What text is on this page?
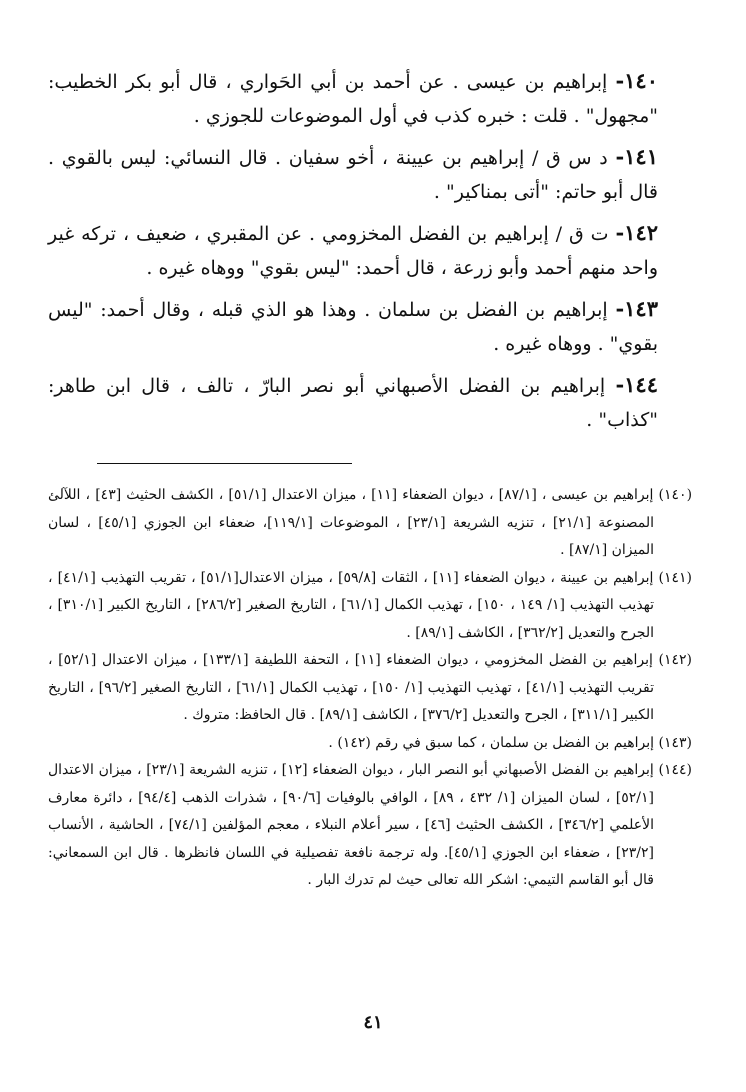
١٤٠- إبراهيم بن عيسى . عن أحمد بن أبي الحَواري ، قال أبو بكر الخطيب: "مجهول" . قلت : خبره كذب في أول الموضوعات للجوزي .

١٤١- د س ق / إبراهيم بن عيينة ، أخو سفيان . قال النسائي: ليس بالقوي . قال أبو حاتم: "أتى بمناكير" .

١٤٢- ت ق / إبراهيم بن الفضل المخزومي . عن المقبري ، ضعيف ، تركه غير واحد منهم أحمد وأبو زرعة ، قال أحمد: "ليس بقوي" ووهاه غيره .

١٤٣- إبراهيم بن الفضل بن سلمان . وهذا هو الذي قبله ، وقال أحمد: "ليس بقوي" . ووهاه غيره .

١٤٤- إبراهيم بن الفضل الأصبهاني أبو نصر البارّ ، تالف ، قال ابن طاهر: "كذاب" .

(١٤٠) إبراهيم بن عيسى ، [٨٧/١] ، ديوان الضعفاء [١١] ، ميزان الاعتدال [٥١/١] ، الكشف الحثيث [٤٣] ، اللآلئ المصنوعة [٢١/١] ، تنزيه الشريعة [٢٣/١] ، الموضوعات [١١٩/١]، ضعفاء ابن الجوزي [٤٥/١] ، لسان الميزان [٨٧/١] .

(١٤١) إبراهيم بن عيينة ، ديوان الضعفاء [١١] ، الثقات [٥٩/٨] ، ميزان الاعتدال[٥١/١] ، تقريب التهذيب [٤١/١] ، تهذيب التهذيب [١/ ١٤٩ ، ١٥٠] ، تهذيب الكمال [٦١/١] ، التاريخ الصغير [٢٨٦/٢] ، التاريخ الكبير [٣١٠/١] ، الجرح والتعديل [٣٦٢/٢] ، الكاشف [٨٩/١] .

(١٤٢) إبراهيم بن الفضل المخزومي ، ديوان الضعفاء [١١] ، التحفة اللطيفة [١٣٣/١] ، ميزان الاعتدال [٥٢/١] ، تقريب التهذيب [٤١/١] ، تهذيب التهذيب [١/ ١٥٠] ، تهذيب الكمال [٦١/١] ، التاريخ الصغير [٩٦/٢] ، التاريخ الكبير [٣١١/١] ، الجرح والتعديل [٣٧٦/٢] ، الكاشف [٨٩/١] . قال الحافظ: متروك .

(١٤٣) إبراهيم بن الفضل بن سلمان ، كما سبق في رقم (١٤٢) .

(١٤٤) إبراهيم بن الفضل الأصبهاني أبو النصر البار ، ديوان الضعفاء [١٢] ، تنزيه الشريعة [٢٣/١] ، ميزان الاعتدال [٥٢/١] ، لسان الميزان [١/ ٤٣٢ ، ٨٩] ، الوافي بالوفيات [٩٠/٦] ، شذرات الذهب [٩٤/٤] ، دائرة معارف الأعلمي [٣٤٦/٢] ، الكشف الحثيث [٤٦] ، سير أعلام النبلاء ، معجم المؤلفين [٧٤/١] ، الحاشية ، الأنساب [٢٣/٢] ، ضعفاء ابن الجوزي [٤٥/١]. وله ترجمة نافعة تفصيلية في اللسان فانظرها . قال ابن السمعاني: قال أبو القاسم التيمي: اشكر الله تعالى حيث لم تدرك البار .

٤١
